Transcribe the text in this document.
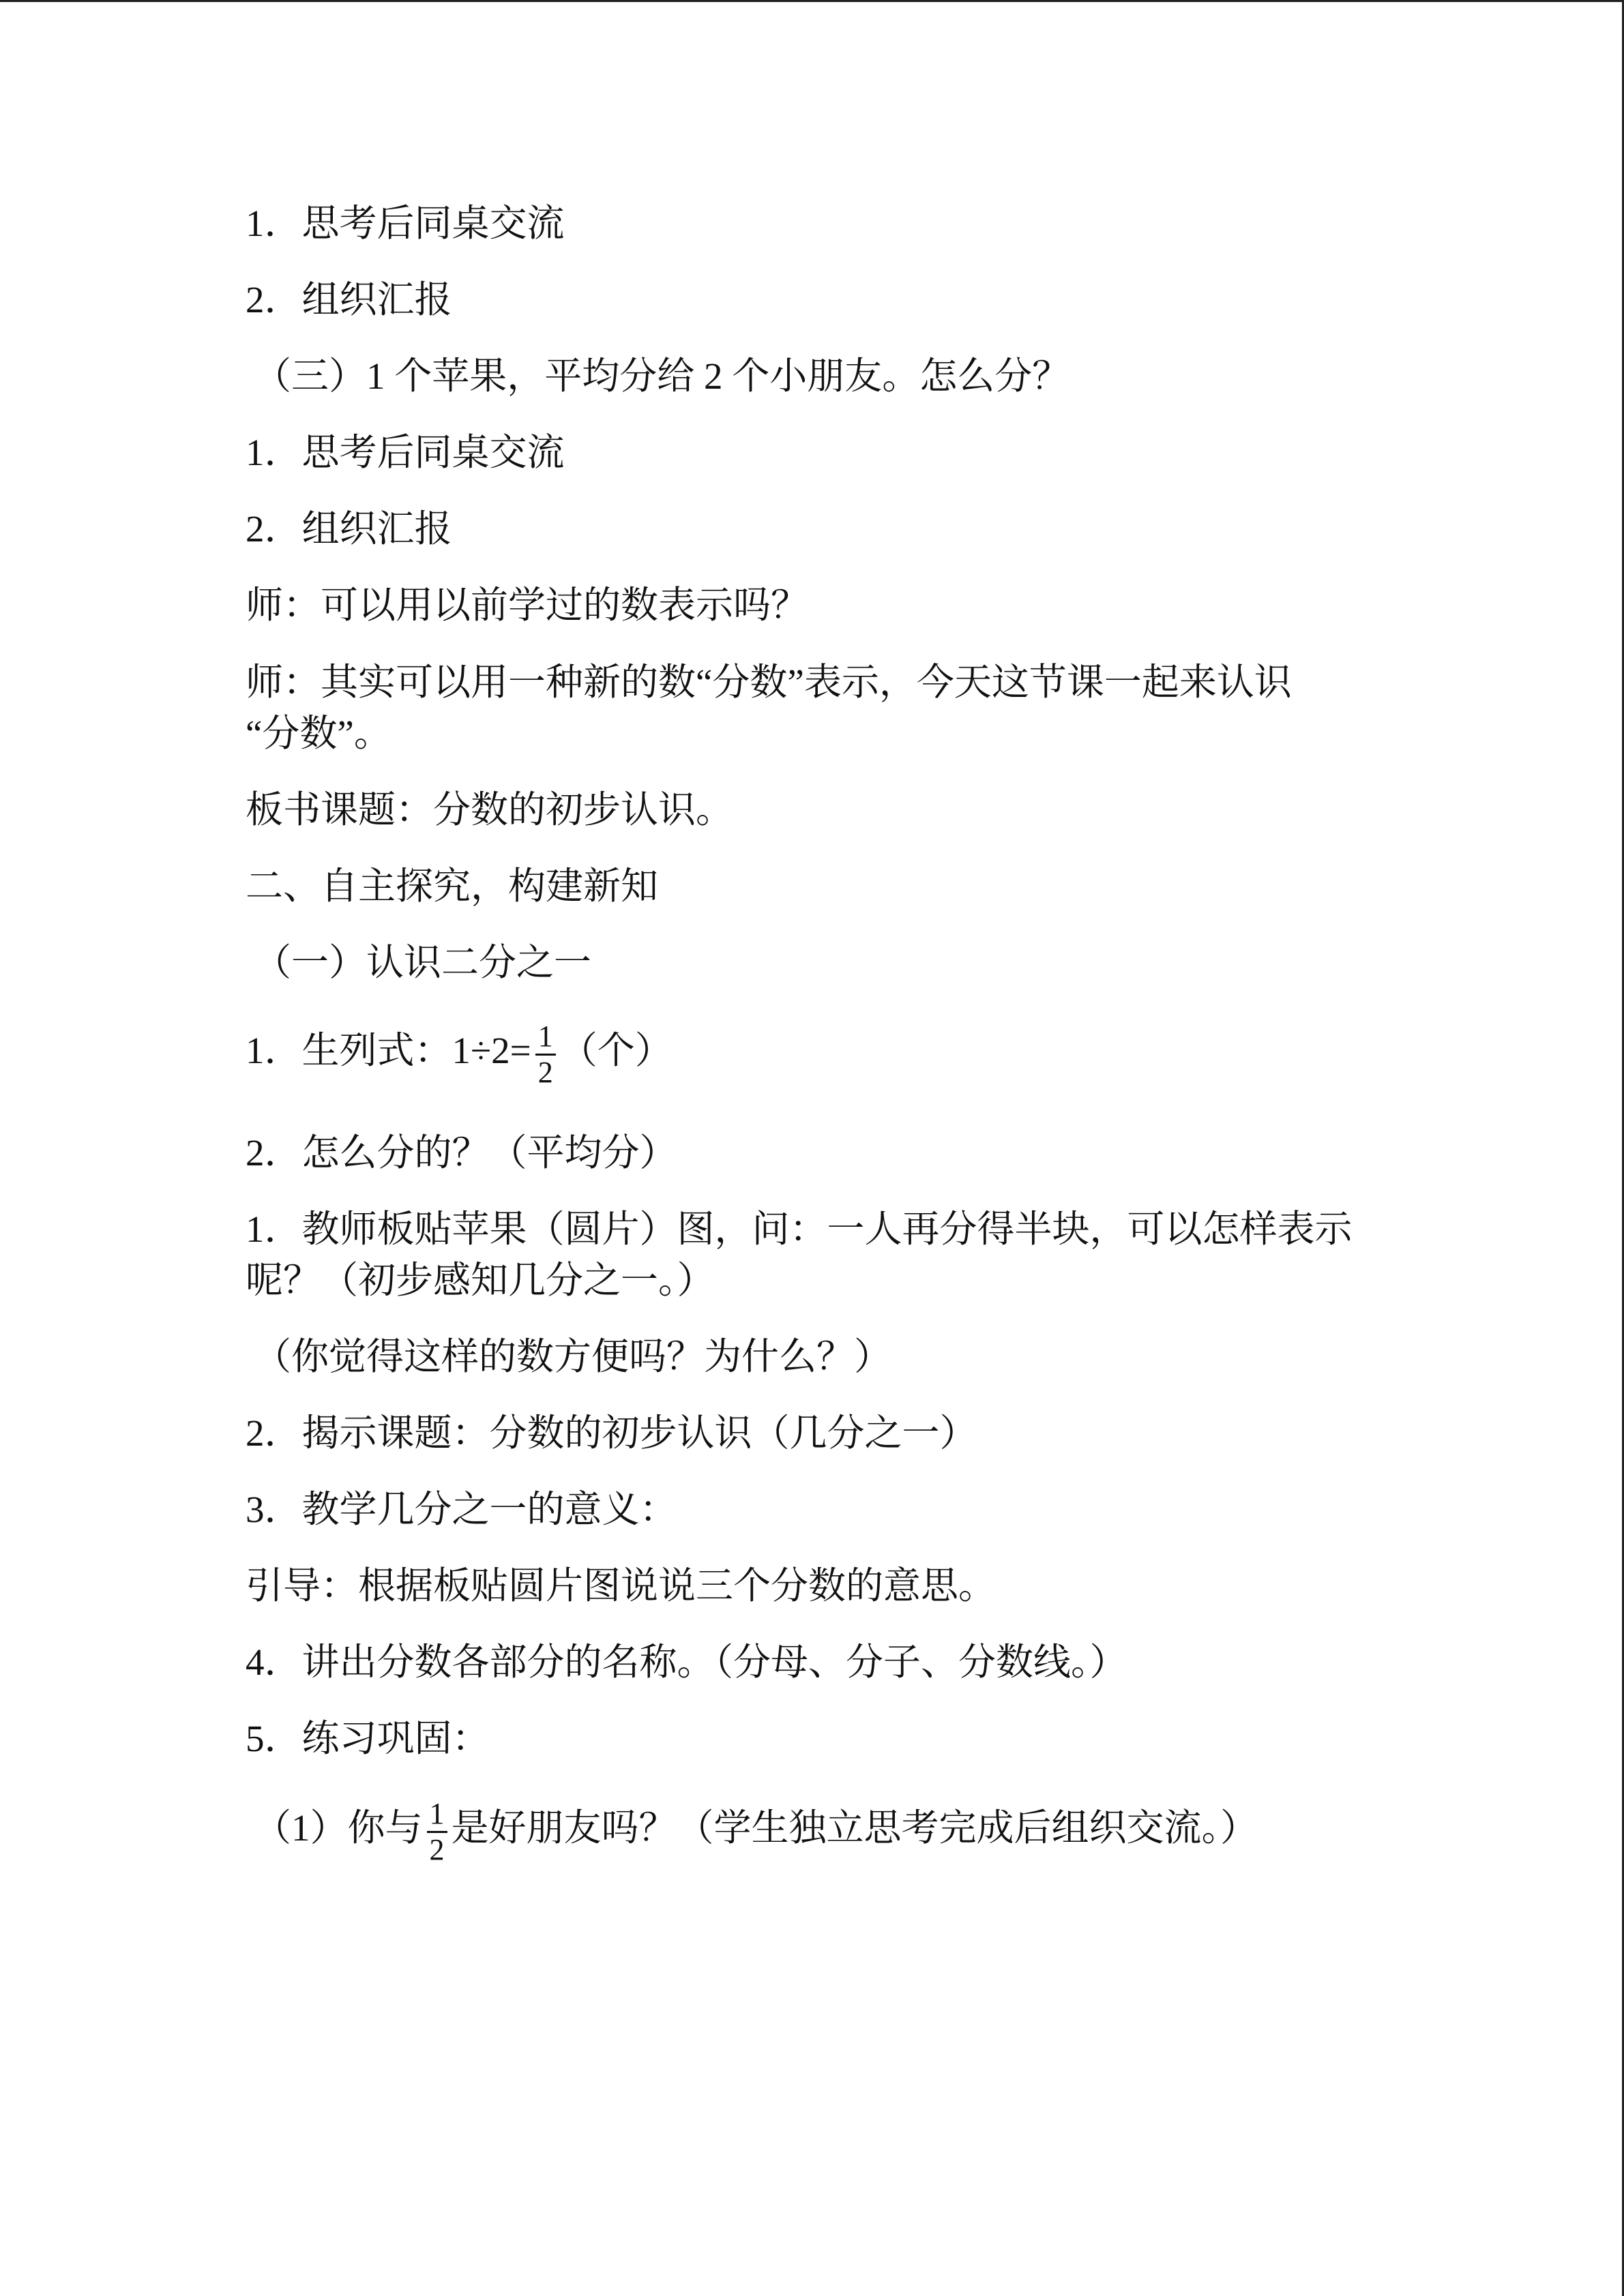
1．思考后同桌交流
2．组织汇报
（三）1 个苹果，平均分给 2 个小朋友。怎么分？
1．思考后同桌交流
2．组织汇报
师：可以用以前学过的数表示吗？
师：其实可以用一种新的数“分数”表示，今天这节课一起来认识
“分数”。
板书课题：分数的初步认识。
二、自主探究，构建新知
（一）认识二分之一
1．生列式：$1\div 2= \frac{1}{2}$ （个）
2．怎么分的？（平均分）
1．教师板贴苹果（圆片）图，问：一人再分得半块，可以怎样表示
呢？（初步感知几分之一。）
（你觉得这样的数方便吗？为什么？）
2．揭示课题：分数的初步认识（几分之一）
3．教学几分之一的意义：
引导：根据板贴圆片图说说三个分数的意思。
4．讲出分数各部分的名称。（分母、分子、分数线。）
5．练习巩固：
（1）你与 $\frac{1}{2}$ 是好朋友吗？（学生独立思考完成后组织交流。）
